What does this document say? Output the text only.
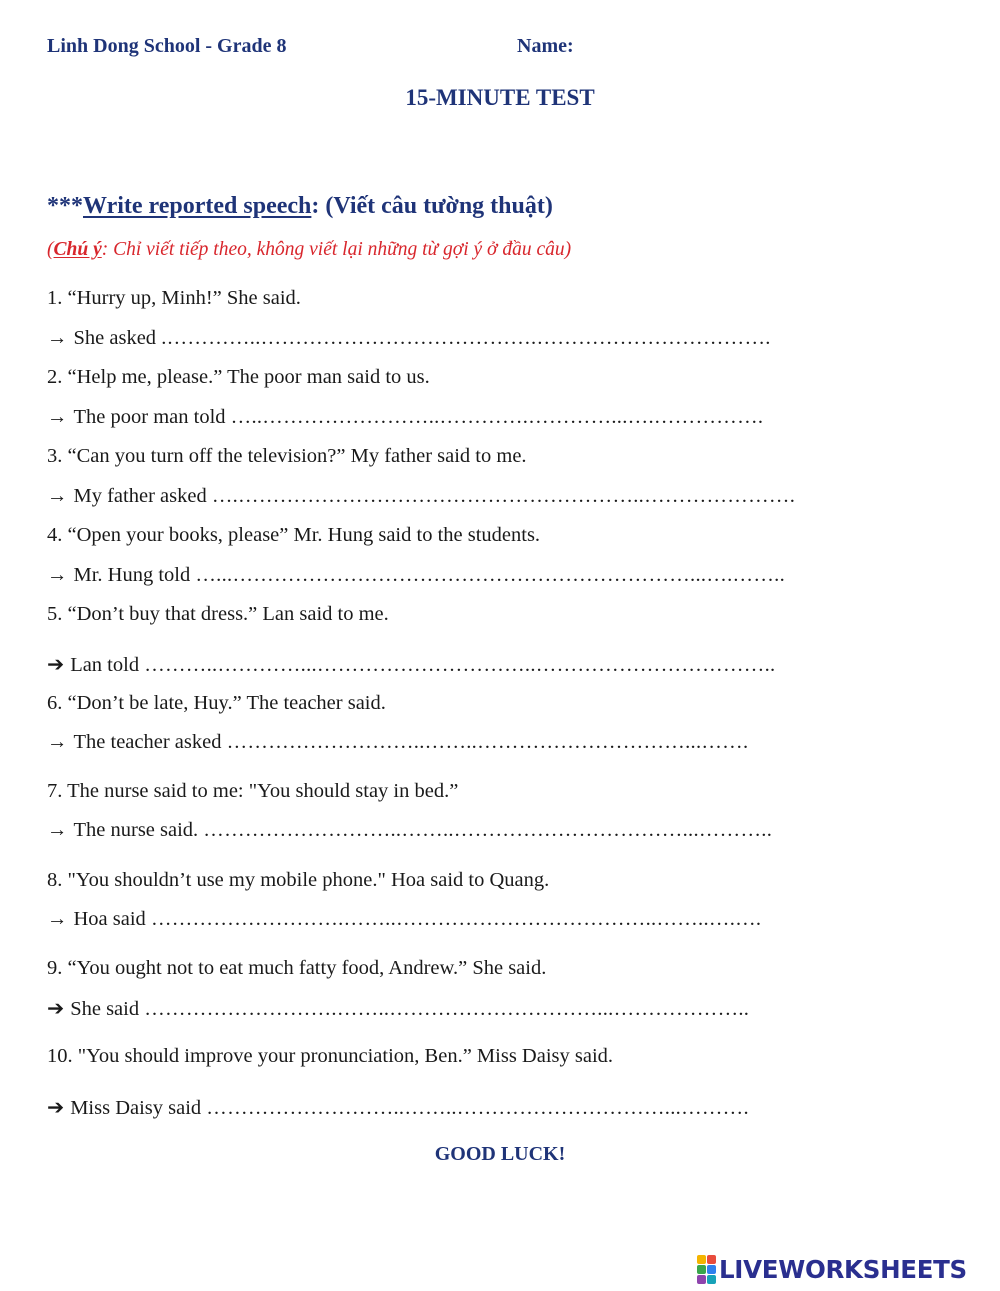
Linh Dong School - Grade 8	Name:
15-MINUTE TEST
***Write reported speech: (Viết câu tường thuật)
(Chú ý: Chỉ viết tiếp theo, không viết lại những từ gợi ý ở đầu câu)
1. “Hurry up, Minh!” She said.
→ She asked .…………..………………………………….…………………………….
2. “Help me, please.” The poor man said to us.
→ The poor man told …..……………………..………….…………...….…………….
3. “Can you turn off the television?” My father said to me.
→ My father asked ….…………………………………………………..………………….
4. “Open your books, please” Mr. Hung said to the students.
→ Mr. Hung told …...…………………………………………………………...….……..
5. “Don’t buy that dress.” Lan said to me.
➔ Lan told ………..…………...…………………………..……………………………..
6. “Don’t be late, Huy.” The teacher said.
→ The teacher asked ………………………..……..…………………………...…….
7. The nurse said to me: "You should stay in bed.”
→ The nurse said. ………………………..……..……………………………...………..
8. "You shouldn’t use my mobile phone." Hoa said to Quang.
→ Hoa said ……………………….……..………………………………..……..….….
9. “You ought not to eat much fatty food, Andrew.” She said.
➔ She said ……………………….……..…………………………...………………..
10. "You should improve your pronunciation, Ben.” Miss Daisy said.
➔ Miss Daisy said ………………………..……..…………………………...……….
GOOD LUCK!
LIVEWORKSHEETS
